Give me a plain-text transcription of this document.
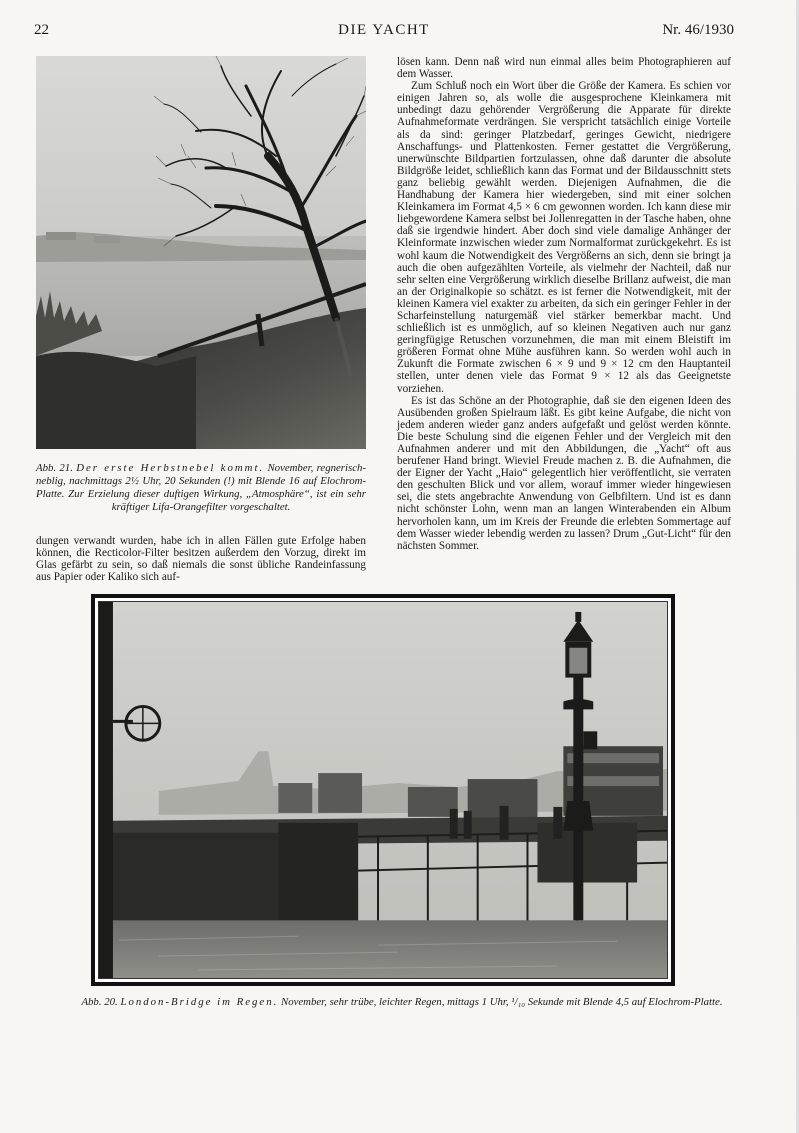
22	DIE YACHT	Nr. 46/1930
Abb. 21. Der erste Herbstnebel kommt. November, regnerisch-neblig, nachmittags 2½ Uhr, 20 Sekunden (!) mit Blende 16 auf Elochrom-Platte. Zur Erzielung dieser duftigen Wirkung, „Atmosphäre“, ist ein sehr kräftiger Lifa-Orangefilter vorgeschaltet.

dungen verwandt wurden, habe ich in allen Fällen gute Erfolge haben können, die Recticolor-Filter besitzen außerdem den Vorzug, direkt im Glas gefärbt zu sein, so daß niemals die sonst übliche Randeinfassung aus Papier oder Kaliko sich auf-

lösen kann. Denn naß wird nun einmal alles beim Photographieren auf dem Wasser.

Zum Schluß noch ein Wort über die Größe der Kamera. Es schien vor einigen Jahren so, als wolle die ausgesprochene Kleinkamera mit unbedingt dazu gehörender Vergrößerung die Apparate für direkte Aufnahmeformate verdrängen. Sie verspricht tatsächlich einige Vorteile als da sind: geringer Platzbedarf, geringes Gewicht, niedrigere Anschaffungs- und Plattenkosten. Ferner gestattet die Vergrößerung, unerwünschte Bildpartien fortzulassen, ohne daß darunter die absolute Bildgröße leidet, schließlich kann das Format und der Bildausschnitt stets ganz beliebig gewählt werden. Diejenigen Aufnahmen, die die Handhabung der Kamera hier wiedergeben, sind mit einer solchen Kleinkamera im Format 4,5 × 6 cm gewonnen worden. Ich kann diese mir liebgewordene Kamera selbst bei Jollenregatten in der Tasche haben, ohne daß sie irgendwie hindert. Aber doch sind viele damalige Anhänger der Kleinformate inzwischen wieder zum Normalformat zurückgekehrt. Es ist wohl kaum die Notwendigkeit des Vergrößerns an sich, denn sie bringt ja auch die oben aufgezählten Vorteile, als vielmehr der Nachteil, daß nur sehr selten eine Vergrößerung wirklich dieselbe Brillanz aufweist, die man an der Originalkopie so schätzt. es ist ferner die Notwendigkeit, mit der kleinen Kamera viel exakter zu arbeiten, da sich ein geringer Fehler in der Scharfeinstellung naturgemäß viel stärker bemerkbar macht. Und schließlich ist es unmöglich, auf so kleinen Negativen auch nur ganz geringfügige Retuschen vorzunehmen, die man mit einem Bleistift im größeren Format ohne Mühe ausführen kann. So werden wohl auch in Zukunft die Formate zwischen 6 × 9 und 9 × 12 cm den Hauptanteil stellen, unter denen viele das Format 9 × 12 als das Geeignetste vorziehen.

Es ist das Schöne an der Photographie, daß sie den eigenen Ideen des Ausübenden großen Spielraum läßt. Es gibt keine Aufgabe, die nicht von jedem anderen wieder ganz anders aufgefaßt und gelöst werden könnte. Die beste Schulung sind die eigenen Fehler und der Vergleich mit den Aufnahmen anderer und mit den Abbildungen, die „Yacht“ oft aus berufener Hand bringt. Wieviel Freude machen z. B. die Aufnahmen, die der Eigner der Yacht „Haio“ gelegentlich hier veröffentlicht, sie verraten den geschulten Blick und vor allem, worauf immer wieder hingewiesen sei, die stets angebrachte Anwendung von Gelbfiltern. Und ist es dann nicht schönster Lohn, wenn man an langen Winterabenden ein Album hervorholen kann, um im Kreis der Freunde die erlebten Sommertage auf dem Wasser wieder lebendig werden zu lassen? Drum „Gut-Licht“ für den nächsten Sommer.

Abb. 20. London-Bridge im Regen. November, sehr trübe, leichter Regen, mittags 1 Uhr, ¹/₁₀ Sekunde mit Blende 4,5 auf Elochrom-Platte.
